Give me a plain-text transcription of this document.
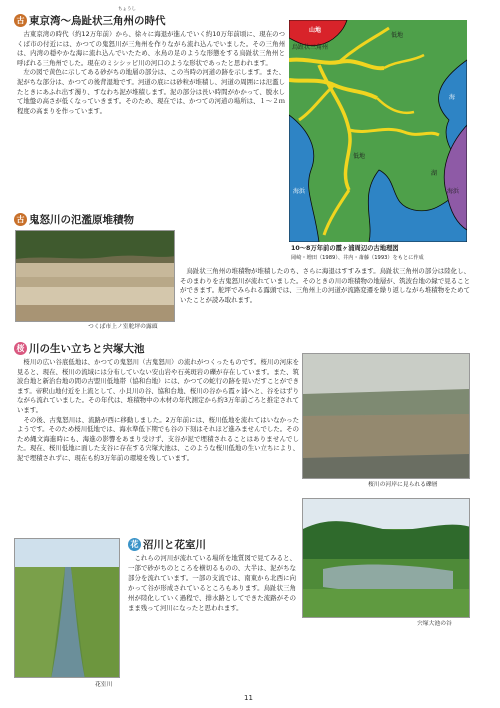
古 東京湾～烏趾状三角州の時代
ちょうし
　古東京湾の時代（約12万年前）から、徐々に海退が進んでいく約10万年前頃に、現在のつくば市の付近には、かつての鬼怒川が三角州を作りながら流れ込んでいました。その三角州は、内湾の穏やかな海に流れ込んでいたため、水鳥の足のような形態をする烏趾状三角州と呼ばれる三角州でした。現在のミシシッピ川の河口のような形状であったと思われます。
　左の図で黄色に示してある砂がちの地層の部分は、この当時の河道の跡を示します。また、泥がちな部分は、かつての後背湿地です。河道の底には砂粒が堆積し、河道の周囲には氾濫したときにあふれ出す濁り、すなわち泥が堆積します。泥の部分は長い時間がかかって、脱水して地盤の高さが低くなっていきます。そのため、現在では、かつての河道の場所は、１～２ｍ程度の高まりを作っています。
山地
低地
烏趾状三角州
海
低地
湖
海浜	海浜
10～8万年前の霞ヶ浦周辺の古地理図
岡崎・増田（1989）、井内・斎藤（1993）をもとに作成
古 鬼怒川の氾濫原堆積物
つくば市上ノ室舵坪の露頭
　烏趾状三角州の堆積物が堆積したのち、さらに海退はすすみます。烏趾状三角州の部分は陸化し、そのまわりを古鬼怒川が流れていました。そのときの川の堆積物の地層が、筑波台地の縁で見ることができます。舵坪でみられる露頭では、三角州上の河道が流路変遷を繰り返しながら堆積物をためていたことが読み取れます。
桜 川の生い立ちと宍塚大池
　桜川の広い谷底低地は、かつての鬼怒川（古鬼怒川）の流れがつくったものです。桜川の河床を見ると、現在、桜川の流域には分布していない安山岩や石英斑岩の礫が存在しています。また、筑波台地と新治台地の間の古盟川低地帯（協和台地）には、かつての蛇行の跡を見いだすことができます。帝釈山地付近を上流として、小貝川の谷、協和台地、桜川の谷から霞ヶ浦へと、谷をはずりながら流れていました。その年代は、堆積物中の木材の年代測定から約3万年前ごろと推定されています。
　その後、古鬼怒川は、流路が西に移動しました。2万年前には、桜川低地を流れてはいなかったようです。そのため桜川低地では、海水準低下期でも谷の下刻はそれほど進みませんでした。そのため縄文海進時にも、海進の影響をあまり受けず、支谷が泥で埋積されることはありませんでした。現在、桜川低地に面した支谷に存在する宍塚大池は、このような桜川低地の生い立ちにより、泥で埋積されずに、現在も約3万年前の環境を残しています。
桜川の河岸に見られる礫層
花 沼川と花室川
花室川
　これらの河川が流れている場所を地質図で見てみると、一部で砂がちのところを横切るものの、大半は、泥がちな部分を流れています。一部の支流では、南東から北西に向かって谷が形成されているところもあります。烏趾状三角州が陸化していく過程で、排水路としてできた流路がそのまま残って河川になったと思われます。
宍塚大池の谷
11
